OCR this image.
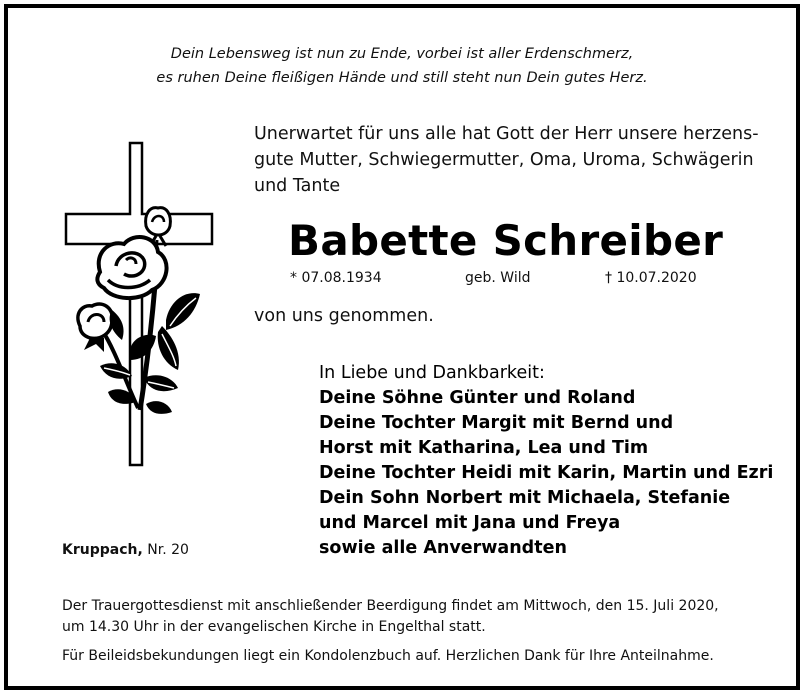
Dein Lebensweg ist nun zu Ende, vorbei ist aller Erdenschmerz,
es ruhen Deine fleißigen Hände und still steht nun Dein gutes Herz.
Unerwartet für uns alle hat Gott der Herr unsere herzens-
gute Mutter, Schwiegermutter, Oma, Uroma, Schwägerin
und Tante
Babette Schreiber
* 07.08.1934	geb. Wild	† 10.07.2020
von uns genommen.
In Liebe und Dankbarkeit:
Deine Söhne Günter und Roland
Deine Tochter Margit mit Bernd und
Horst mit Katharina, Lea und Tim
Deine Tochter Heidi mit Karin, Martin und Ezri
Dein Sohn Norbert mit Michaela, Stefanie
und Marcel mit Jana und Freya
sowie alle Anverwandten
Kruppach, Nr. 20
Der Trauergottesdienst mit anschließender Beerdigung findet am Mittwoch, den 15. Juli 2020,
um 14.30 Uhr in der evangelischen Kirche in Engelthal statt.
Für Beileidsbekundungen liegt ein Kondolenzbuch auf. Herzlichen Dank für Ihre Anteilnahme.
